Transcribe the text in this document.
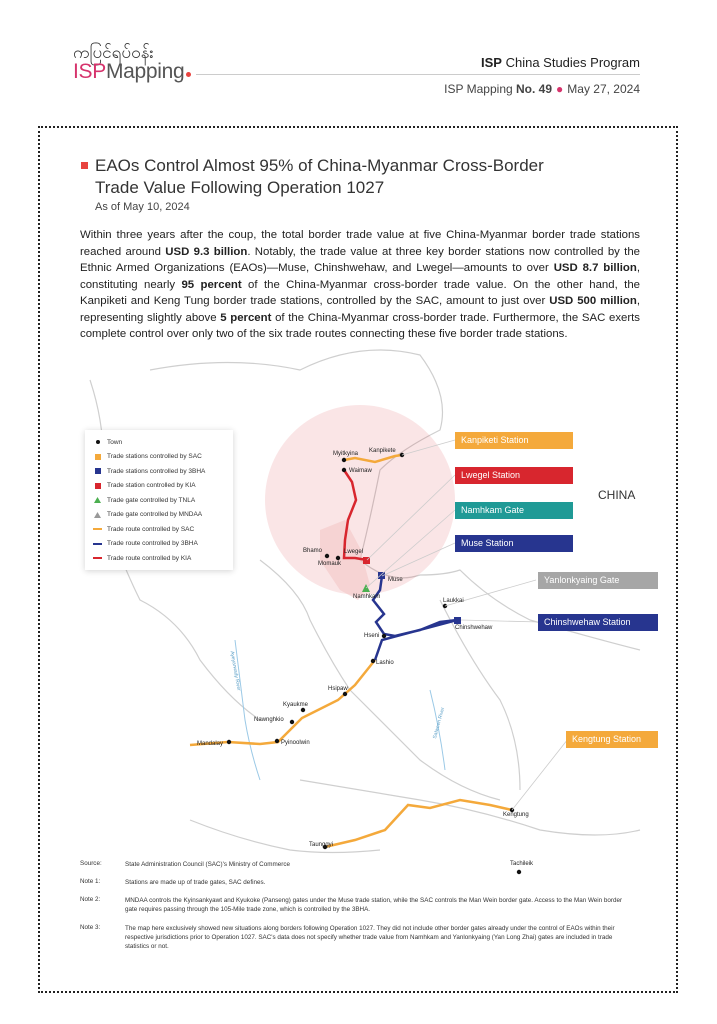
ကပြင်ရပ်ဝန်း
ISPMapping	ISP China Studies Program
ISP Mapping No. 49 ● May 27, 2024
EAOs Control Almost 95% of China-Myanmar Cross-Border Trade Value Following Operation 1027
As of May 10, 2024
Within three years after the coup, the total border trade value at five China-Myanmar border trade stations reached around USD 9.3 billion. Notably, the trade value at three key border stations now controlled by the Ethnic Armed Organizations (EAOs)—Muse, Chinshwehaw, and Lwegel—amounts to over USD 8.7 billion, constituting nearly 95 percent of the China-Myanmar cross-border trade value. On the other hand, the Kanpiketi and Keng Tung border trade stations, controlled by the SAC, amount to just over USD 500 million, representing slightly above 5 percent of the China-Myanmar cross-border trade. Furthermore, the SAC exerts complete control over only two of the six trade routes connecting these five border trade stations.
Kanpiketi Station
Lwegel Station
Namhkam Gate
Muse Station
Yanlonkyaing Gate
Chinshwehaw Station
Kengtung Station
CHINA
Myitkyina
Waimaw
Kanpikete
Bhamo
Momauk
Lwegel
Muse
Namhkam
Laukkai
Chinshwehaw
Hseni
Lashio
Hsipaw
Kyaukme
Nawnghkio
Mandalay	Pyinoolwin
Kengtung
Taunggyi
Tachileik
Ayeyarwady River
Salween River
Town
Trade stations controlled by SAC
Trade stations controlled by 3BHA
Trade station controlled by KIA
Trade gate controlled by TNLA
Trade gate controlled by MNDAA
Trade route controlled by SAC
Trade route controlled by 3BHA
Trade route controlled by KIA
Source:	State Administration Council (SAC)'s Ministry of Commerce
Note 1:	Stations are made up of trade gates, SAC defines.
Note 2:	MNDAA controls the Kyinsankyawt and Kyukoke (Panseng) gates under the Muse trade station, while the SAC controls the Man Wein border gate. Access to the Man Wein border gate requires passing through the 105-Mile trade zone, which is controlled by the 3BHA.
Note 3:	The map here exclusively showed new situations along borders following Operation 1027. They did not include other border gates already under the control of EAOs within their respective jurisdictions prior to Operation 1027. SAC's data does not specify whether trade value from Namhkam and Yanlonkyaing (Yan Long Zhai) gates are included in trade statistics or not.
